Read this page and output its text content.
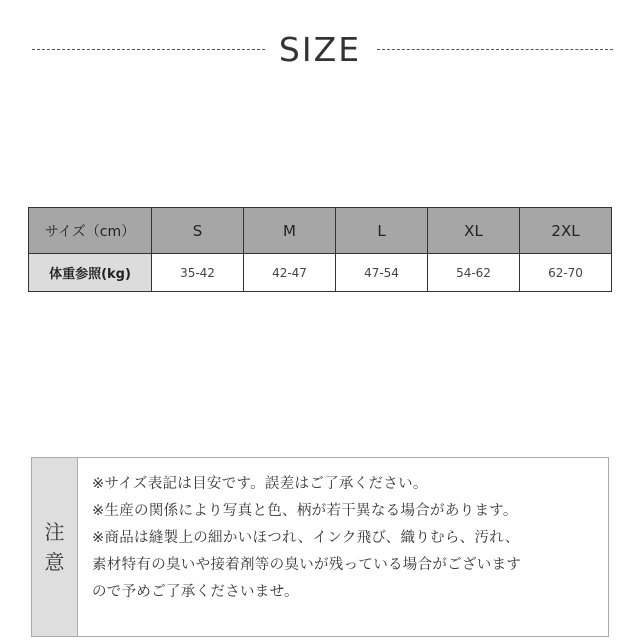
SIZE
サイズ（cm）	S	M	L	XL	2XL
体重参照(kg)	35-42	42-47	47-54	54-62	62-70
注
意
※サイズ表記は目安です。誤差はご了承ください。
※生産の関係により写真と色、柄が若干異なる場合があります。
※商品は縫製上の細かいほつれ、インク飛び、織りむら、汚れ、
素材特有の臭いや接着剤等の臭いが残っている場合がございます
ので予めご了承くださいませ。
